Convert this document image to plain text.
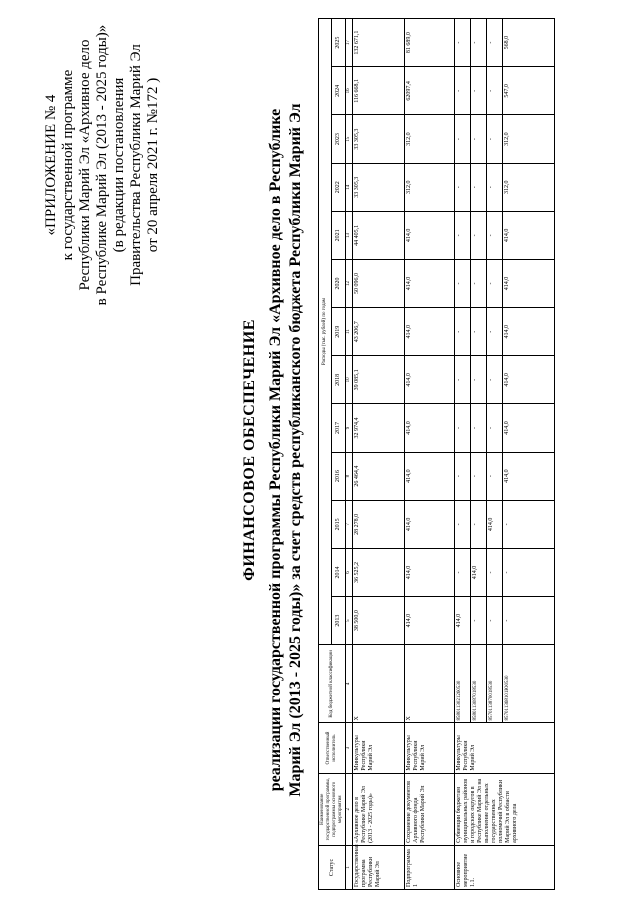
«ПРИЛОЖЕНИЕ № 4 к государственной программе Республики Марий Эл «Архивное дело в Республике Марий Эл (2013 - 2025 годы)» (в редакции постановления Правительства Республики Марий Эл от 20 апреля 2021 г. №172 )
ФИНАНСОВОЕ ОБЕСПЕЧЕНИЕ реализации государственной программы Республики Марий Эл «Архивное дело в Республике Марий Эл (2013 - 2025 годы)» за счет средств республиканского бюджета Республики Марий Эл
Статус	Наименование государственной программы, подпрограммы основного мероприятия	Ответственный исполнитель	Код бюджетной классификации	Расходы (тыс. рублей) по годам												
				2013	2014	2015	2016	2017	2018	2019	2020	2021	2022	2023	2024	2025
1	2	3	4	5	6	7	8	9	10	11	12	13	14	15	16	17
Государственная программа Республики Марий Эл	«Архивное дело в Республике Марий Эл (2013 - 2025 годы)»	Минкультуры Республики Марий Эл	Х	38 500,0	36 525,2	28 278,0	26 464,4	32 974,4	39 085,1	43 206,7	50 096,0	44 405,1	33 305,3	33 305,3	116 668,1	132 671,1
Подпрограмма 1	Сохранение документов Архивного фонда Республики Марий Эл	Минкультуры Республики Марий Эл	Х	414,0	414,0	414,0	414,0	414,0	414,0	414,0	414,0	414,0	312,0	312,0	62097,4	81 689,0
Основное мероприятие 1.1.	Субвенции бюджетам муниципальных районов и городских округов в Республике Марий Эл на выполнение отдельных государственных полномочий Республики Марий Эл в области архивного дела	Минкультуры Республики Марий Эл	8580113021260530	414,0	-	-	-	-	-	-	-	-	-	-	-	-
			8580113087018530	-	414,0	-	-	-	-	-	-	-	-	-	-	-
			8570113870018530	-	-	414,0	-	-	-	-	-	-	-	-	-	-
			857011368101Ю0530	-	-	-	414,0	414,0	414,0	414,0	414,0	414,0	312,0	312,0	547,0	568,0
